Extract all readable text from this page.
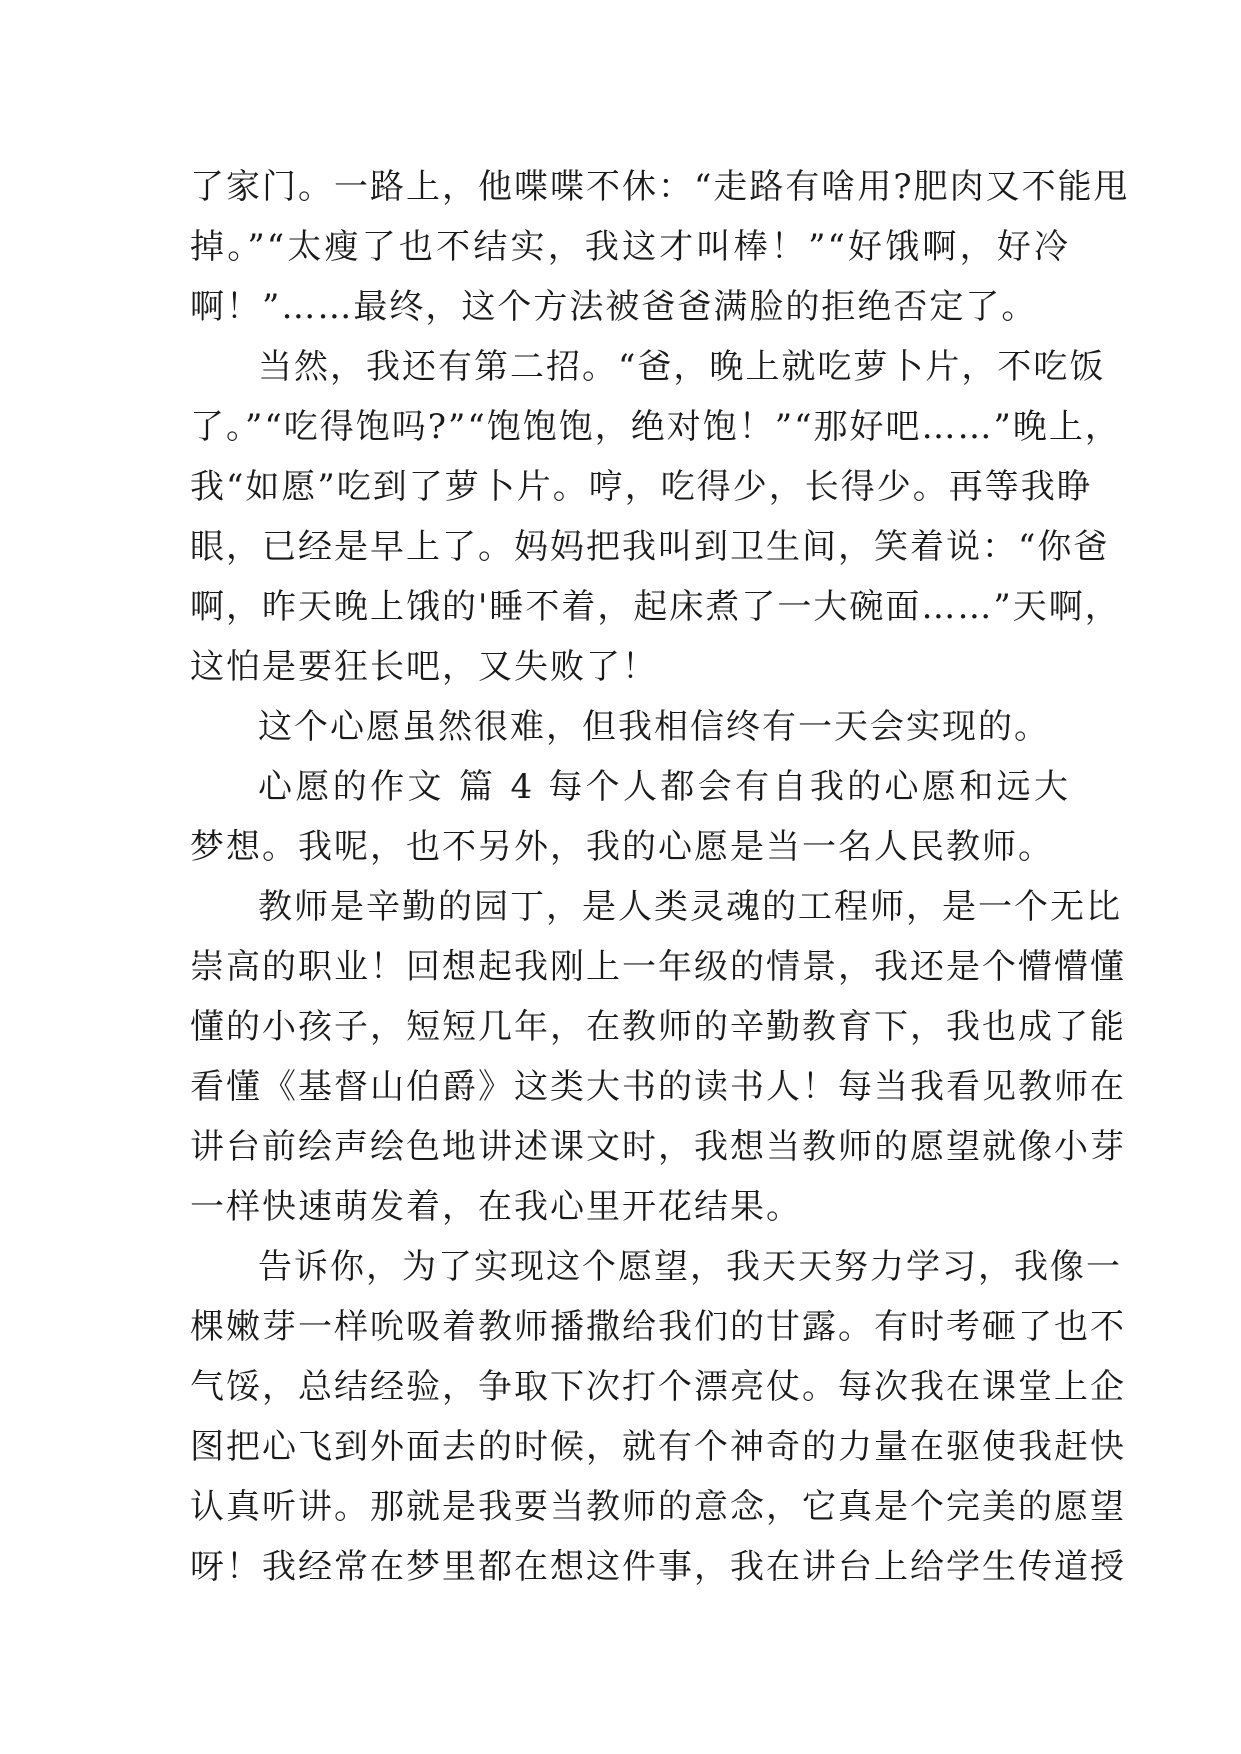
了家门。一路上，他喋喋不休：“走路有啥用?肥肉又不能甩
掉。”“太瘦了也不结实，我这才叫棒！”“好饿啊，好冷
啊！”……最终，这个方法被爸爸满脸的拒绝否定了。
当然，我还有第二招。“爸，晚上就吃萝卜片，不吃饭
了。”“吃得饱吗?”“饱饱饱，绝对饱！”“那好吧……”晚上，
我“如愿”吃到了萝卜片。哼，吃得少，长得少。再等我睁
眼，已经是早上了。妈妈把我叫到卫生间，笑着说：“你爸
啊，昨天晚上饿的'睡不着，起床煮了一大碗面……”天啊，
这怕是要狂长吧，又失败了！
这个心愿虽然很难，但我相信终有一天会实现的。
心愿的作文 篇 4 每个人都会有自我的心愿和远大
梦想。我呢，也不另外，我的心愿是当一名人民教师。
教师是辛勤的园丁，是人类灵魂的工程师，是一个无比
崇高的职业！回想起我刚上一年级的情景，我还是个懵懵懂
懂的小孩子，短短几年，在教师的辛勤教育下，我也成了能
看懂《基督山伯爵》这类大书的读书人！每当我看见教师在
讲台前绘声绘色地讲述课文时，我想当教师的愿望就像小芽
一样快速萌发着，在我心里开花结果。
告诉你，为了实现这个愿望，我天天努力学习，我像一
棵嫩芽一样吮吸着教师播撒给我们的甘露。有时考砸了也不
气馁，总结经验，争取下次打个漂亮仗。每次我在课堂上企
图把心飞到外面去的时候，就有个神奇的力量在驱使我赶快
认真听讲。那就是我要当教师的意念，它真是个完美的愿望
呀！我经常在梦里都在想这件事，我在讲台上给学生传道授
